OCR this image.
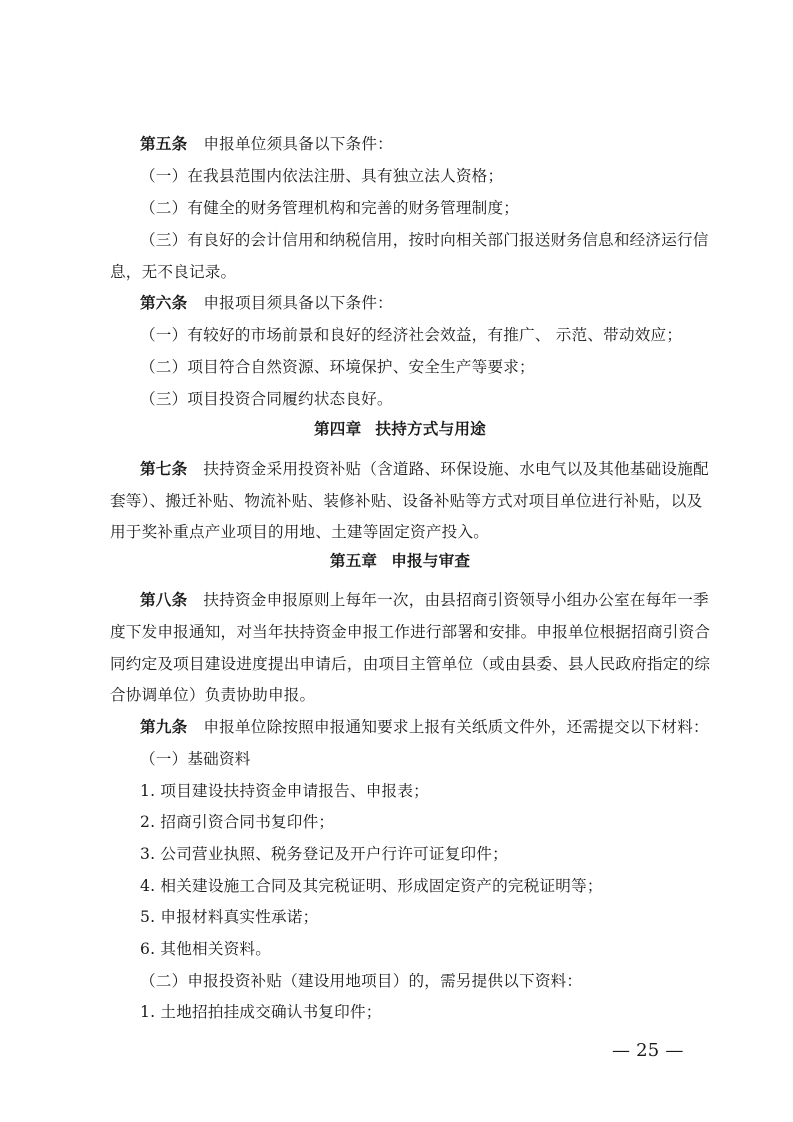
第五条 申报单位须具备以下条件：
（一）在我县范围内依法注册、具有独立法人资格；
（二）有健全的财务管理机构和完善的财务管理制度；
（三）有良好的会计信用和纳税信用，按时向相关部门报送财务信息和经济运行信
息，无不良记录。
第六条 申报项目须具备以下条件：
（一）有较好的市场前景和良好的经济社会效益，有推广、 示范、带动效应；
（二）项目符合自然资源、环境保护、安全生产等要求；
（三）项目投资合同履约状态良好。
第四章 扶持方式与用途
第七条 扶持资金采用投资补贴（含道路、环保设施、水电气以及其他基础设施配
套等）、搬迁补贴、物流补贴、装修补贴、设备补贴等方式对项目单位进行补贴，以及
用于奖补重点产业项目的用地、土建等固定资产投入。
第五章 申报与审查
第八条 扶持资金申报原则上每年一次，由县招商引资领导小组办公室在每年一季
度下发申报通知，对当年扶持资金申报工作进行部署和安排。申报单位根据招商引资合
同约定及项目建设进度提出申请后，由项目主管单位（或由县委、县人民政府指定的综
合协调单位）负责协助申报。
第九条 申报单位除按照申报通知要求上报有关纸质文件外，还需提交以下材料：
（一）基础资料
1. 项目建设扶持资金申请报告、申报表；
2. 招商引资合同书复印件；
3. 公司营业执照、税务登记及开户行许可证复印件；
4. 相关建设施工合同及其完税证明、形成固定资产的完税证明等；
5. 申报材料真实性承诺；
6. 其他相关资料。
（二）申报投资补贴（建设用地项目）的，需另提供以下资料：
1. 土地招拍挂成交确认书复印件；
— 25 —
